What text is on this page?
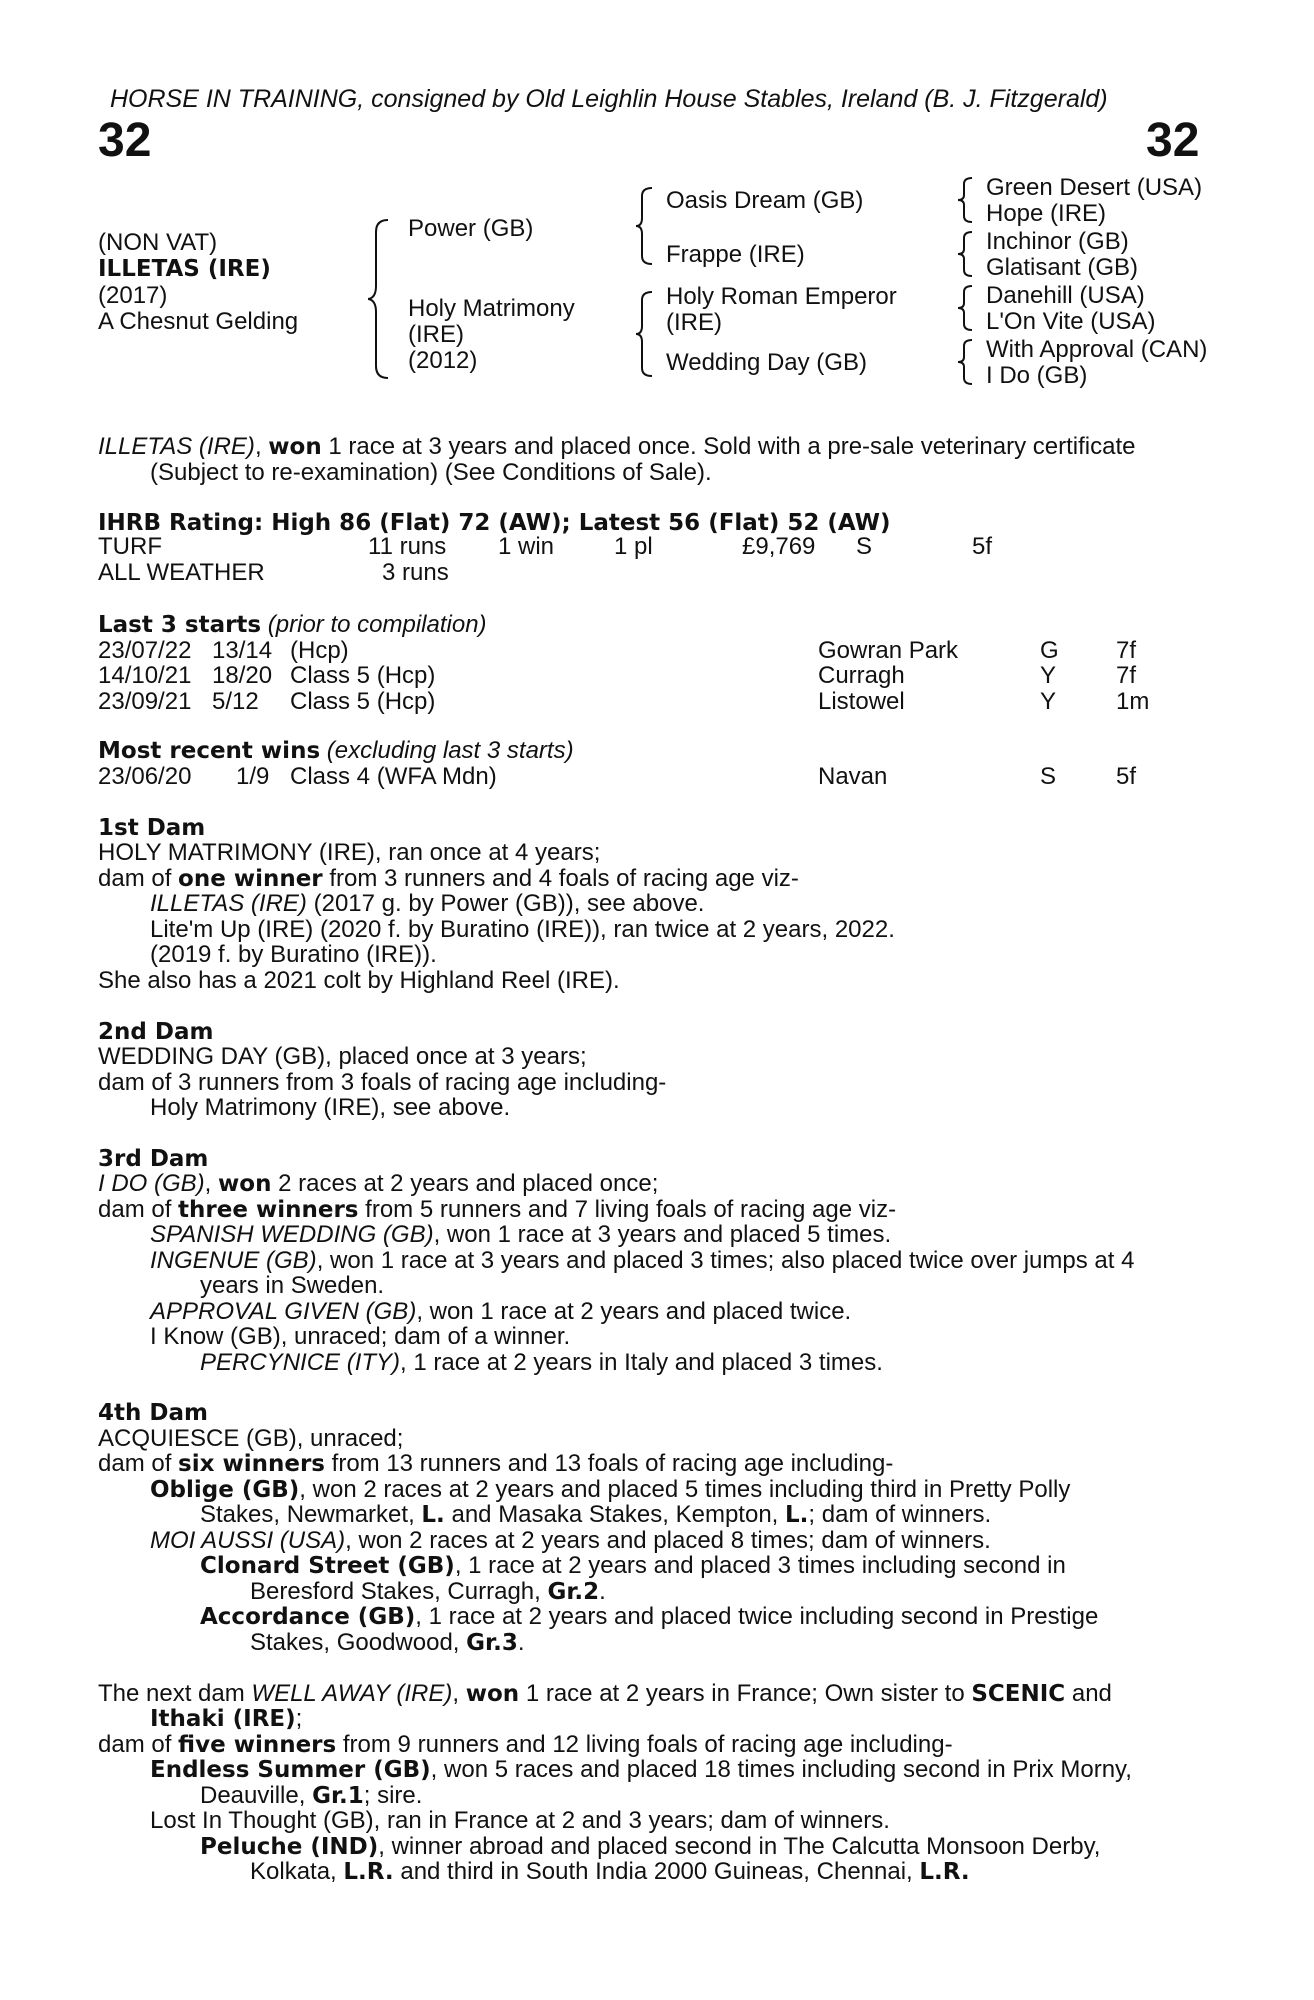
HORSE IN TRAINING, consigned by Old Leighlin House Stables, Ireland (B. J. Fitzgerald)
32	32
(NON VAT)
ILLETAS (IRE)
(2017)
A Chesnut Gelding
Power (GB)
Holy Matrimony
(IRE)
(2012)
Oasis Dream (GB)
Frappe (IRE)
Holy Roman Emperor
(IRE)
Wedding Day (GB)
Green Desert (USA)
Hope (IRE)
Inchinor (GB)
Glatisant (GB)
Danehill (USA)
L'On Vite (USA)
With Approval (CAN)
I Do (GB)
ILLETAS (IRE), won 1 race at 3 years and placed once. Sold with a pre-sale veterinary certificate
(Subject to re-examination) (See Conditions of Sale).
IHRB Rating: High 86 (Flat) 72 (AW); Latest 56 (Flat) 52 (AW)
TURF	11 runs 1 win 1 pl	£9,769 S	5f
ALL WEATHER	3 runs
Last 3 starts (prior to compilation)
23/07/22 13/14 (Hcp)	Gowran Park	G 7f
14/10/21 18/20 Class 5 (Hcp)	Curragh	Y 7f
23/09/21 5/12 Class 5 (Hcp)	Listowel	Y 1m
Most recent wins (excluding last 3 starts)
23/06/20 1/9 Class 4 (WFA Mdn)	Navan	S 5f
1st Dam
HOLY MATRIMONY (IRE), ran once at 4 years;
dam of one winner from 3 runners and 4 foals of racing age viz-
ILLETAS (IRE) (2017 g. by Power (GB)), see above.
Lite'm Up (IRE) (2020 f. by Buratino (IRE)), ran twice at 2 years, 2022.
(2019 f. by Buratino (IRE)).
She also has a 2021 colt by Highland Reel (IRE).
2nd Dam
WEDDING DAY (GB), placed once at 3 years;
dam of 3 runners from 3 foals of racing age including-
Holy Matrimony (IRE), see above.
3rd Dam
I DO (GB), won 2 races at 2 years and placed once;
dam of three winners from 5 runners and 7 living foals of racing age viz-
SPANISH WEDDING (GB), won 1 race at 3 years and placed 5 times.
INGENUE (GB), won 1 race at 3 years and placed 3 times; also placed twice over jumps at 4
years in Sweden.
APPROVAL GIVEN (GB), won 1 race at 2 years and placed twice.
I Know (GB), unraced; dam of a winner.
PERCYNICE (ITY), 1 race at 2 years in Italy and placed 3 times.
4th Dam
ACQUIESCE (GB), unraced;
dam of six winners from 13 runners and 13 foals of racing age including-
Oblige (GB), won 2 races at 2 years and placed 5 times including third in Pretty Polly
Stakes, Newmarket, L. and Masaka Stakes, Kempton, L.; dam of winners.
MOI AUSSI (USA), won 2 races at 2 years and placed 8 times; dam of winners.
Clonard Street (GB), 1 race at 2 years and placed 3 times including second in
Beresford Stakes, Curragh, Gr.2.
Accordance (GB), 1 race at 2 years and placed twice including second in Prestige
Stakes, Goodwood, Gr.3.
The next dam WELL AWAY (IRE), won 1 race at 2 years in France; Own sister to SCENIC and
Ithaki (IRE);
dam of five winners from 9 runners and 12 living foals of racing age including-
Endless Summer (GB), won 5 races and placed 18 times including second in Prix Morny,
Deauville, Gr.1; sire.
Lost In Thought (GB), ran in France at 2 and 3 years; dam of winners.
Peluche (IND), winner abroad and placed second in The Calcutta Monsoon Derby,
Kolkata, L.R. and third in South India 2000 Guineas, Chennai, L.R.
